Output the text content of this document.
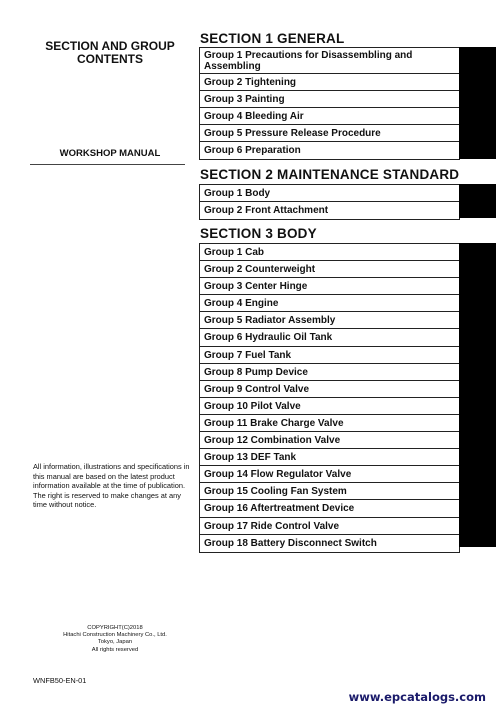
SECTION AND GROUP
CONTENTS
WORKSHOP MANUAL
All information, illustrations and specifications in this manual are based on the latest product information available at the time of publication. The right is reserved to make changes at any time without notice.
COPYRIGHT(C)2018
Hitachi Construction Machinery Co., Ltd.
Tokyo, Japan
All rights reserved
WNFB50-EN-01
SECTION 1 GENERAL
Group 1 Precautions for Disassembling and Assembling
Group 2 Tightening
Group 3 Painting
Group 4 Bleeding Air
Group 5 Pressure Release Procedure
Group 6 Preparation
SECTION 2 MAINTENANCE STANDARD
Group 1 Body
Group 2 Front Attachment
SECTION 3 BODY
Group 1 Cab
Group 2 Counterweight
Group 3 Center Hinge
Group 4 Engine
Group 5 Radiator Assembly
Group 6 Hydraulic Oil Tank
Group 7 Fuel Tank
Group 8 Pump Device
Group 9 Control Valve
Group 10 Pilot Valve
Group 11 Brake Charge Valve
Group 12 Combination Valve
Group 13 DEF Tank
Group 14 Flow Regulator Valve
Group 15 Cooling Fan System
Group 16 Aftertreatment Device
Group 17 Ride Control Valve
Group 18 Battery Disconnect Switch
www.epcatalogs.com
